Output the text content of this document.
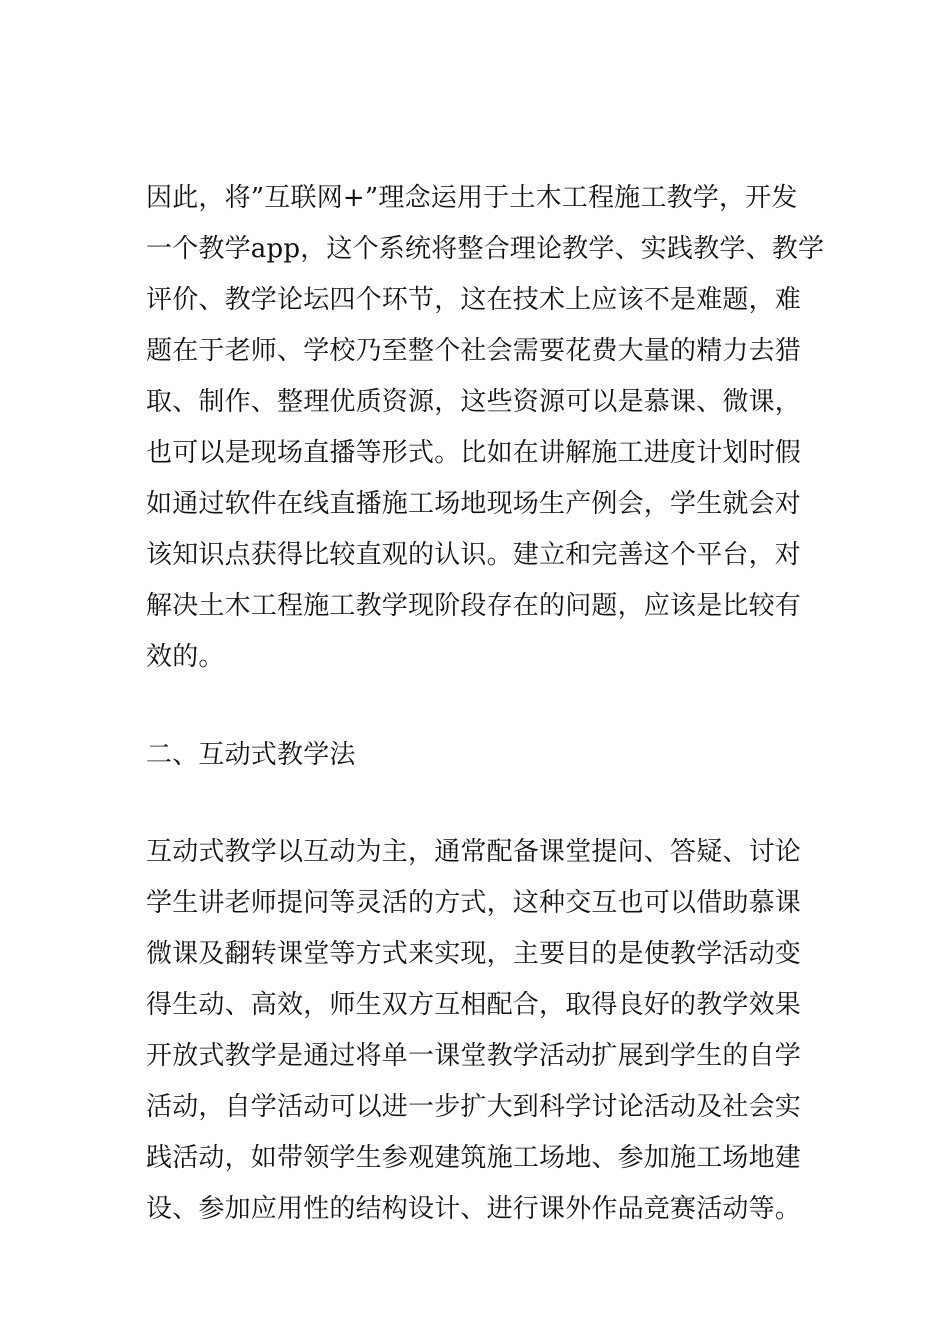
因此，将”互联网+”理念运用于土木工程施工教学，开发
一个教学app，这个系统将整合理论教学、实践教学、教学
评价、教学论坛四个环节，这在技术上应该不是难题，难
题在于老师、学校乃至整个社会需要花费大量的精力去猎
取、制作、整理优质资源，这些资源可以是慕课、微课，
也可以是现场直播等形式。比如在讲解施工进度计划时假
如通过软件在线直播施工场地现场生产例会，学生就会对
该知识点获得比较直观的认识。建立和完善这个平台，对
解决土木工程施工教学现阶段存在的问题，应该是比较有
效的。
二、互动式教学法
互动式教学以互动为主，通常配备课堂提问、答疑、讨论
学生讲老师提问等灵活的方式，这种交互也可以借助慕课
微课及翻转课堂等方式来实现，主要目的是使教学活动变
得生动、高效，师生双方互相配合，取得良好的教学效果
开放式教学是通过将单一课堂教学活动扩展到学生的自学
活动，自学活动可以进一步扩大到科学讨论活动及社会实
践活动，如带领学生参观建筑施工场地、参加施工场地建
设、参加应用性的结构设计、进行课外作品竞赛活动等。
